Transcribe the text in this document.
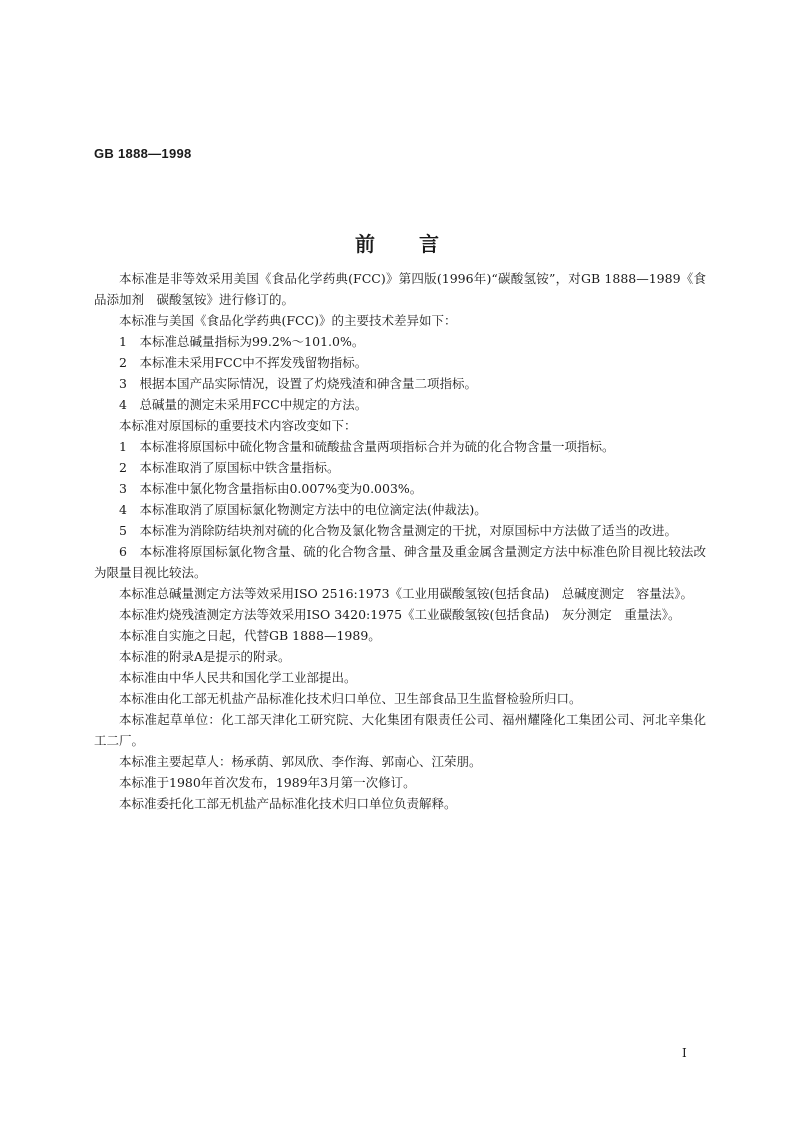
GB 1888—1998
前言

本标准是非等效采用美国《食品化学药典(FCC)》第四版(1996年)“碳酸氢铵”，对GB 1888—1989《食品添加剂　碳酸氢铵》进行修订的。

本标准与美国《食品化学药典(FCC)》的主要技术差异如下：

1　本标准总碱量指标为99.2%～101.0%。

2　本标准未采用FCC中不挥发残留物指标。

3　根据本国产品实际情况，设置了灼烧残渣和砷含量二项指标。

4　总碱量的测定未采用FCC中规定的方法。

本标准对原国标的重要技术内容改变如下：

1　本标准将原国标中硫化物含量和硫酸盐含量两项指标合并为硫的化合物含量一项指标。

2　本标准取消了原国标中铁含量指标。

3　本标准中氯化物含量指标由0.007%变为0.003%。

4　本标准取消了原国标氯化物测定方法中的电位滴定法(仲裁法)。

5　本标准为消除防结块剂对硫的化合物及氯化物含量测定的干扰，对原国标中方法做了适当的改进。

6　本标准将原国标氯化物含量、硫的化合物含量、砷含量及重金属含量测定方法中标准色阶目视比较法改为限量目视比较法。

本标准总碱量测定方法等效采用ISO 2516:1973《工业用碳酸氢铵(包括食品)　总碱度测定　容量法》。

本标准灼烧残渣测定方法等效采用ISO 3420:1975《工业碳酸氢铵(包括食品)　灰分测定　重量法》。

本标准自实施之日起，代替GB 1888—1989。

本标准的附录A是提示的附录。

本标准由中华人民共和国化学工业部提出。

本标准由化工部无机盐产品标准化技术归口单位、卫生部食品卫生监督检验所归口。

本标准起草单位：化工部天津化工研究院、大化集团有限责任公司、福州耀隆化工集团公司、河北辛集化工二厂。

本标准主要起草人：杨承荫、郭凤欣、李作海、郭南心、江荣朋。

本标准于1980年首次发布，1989年3月第一次修订。

本标准委托化工部无机盐产品标准化技术归口单位负责解释。

I
